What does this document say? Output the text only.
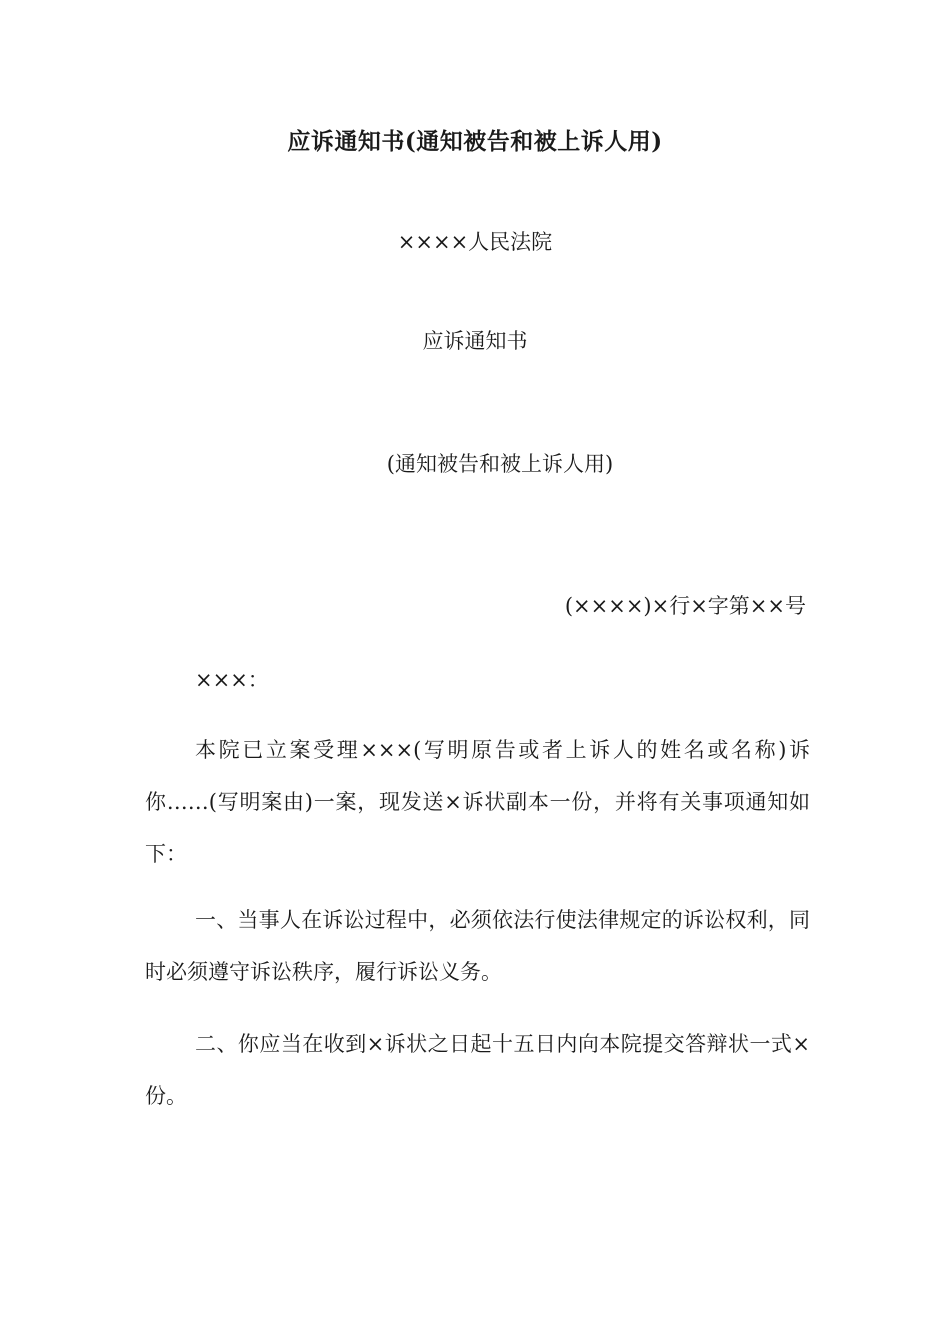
应诉通知书(通知被告和被上诉人用)
××××人民法院
应诉通知书
(通知被告和被上诉人用)
(××××)×行×字第××号
×××：

本院已立案受理×××(写明原告或者上诉人的姓名或名称)诉你……(写明案由)一案，现发送×诉状副本一份，并将有关事项通知如下：

一、当事人在诉讼过程中，必须依法行使法律规定的诉讼权利，同时必须遵守诉讼秩序，履行诉讼义务。

二、你应当在收到×诉状之日起十五日内向本院提交答辩状一式×份。
